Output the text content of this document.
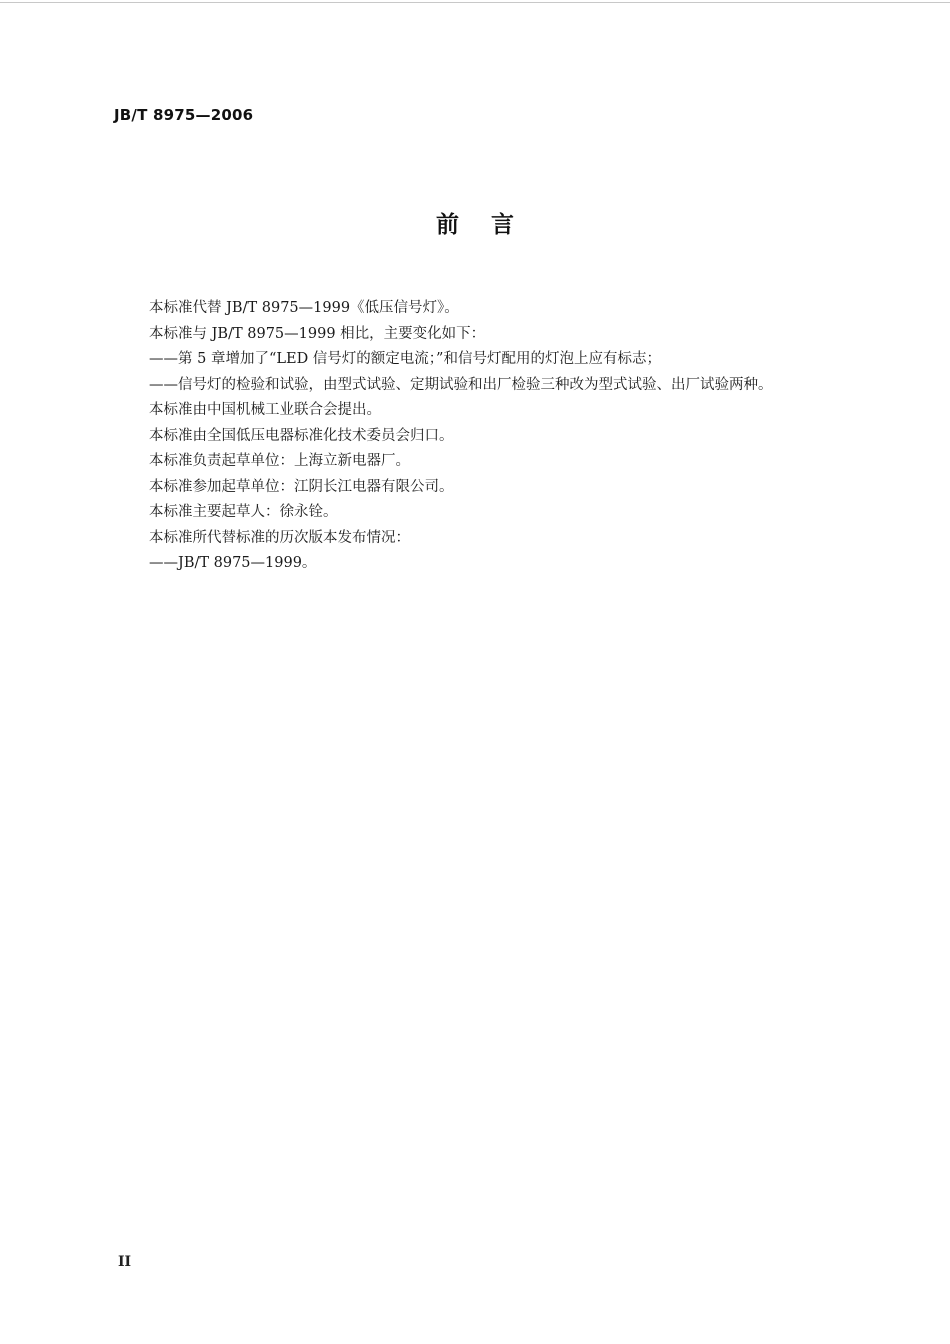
JB/T 8975—2006
前    言
本标准代替 JB/T 8975—1999《低压信号灯》。
本标准与 JB/T 8975—1999 相比，主要变化如下：
——第 5 章增加了“LED 信号灯的额定电流；”和信号灯配用的灯泡上应有标志；
——信号灯的检验和试验，由型式试验、定期试验和出厂检验三种改为型式试验、出厂试验两种。
本标准由中国机械工业联合会提出。
本标准由全国低压电器标准化技术委员会归口。
本标准负责起草单位：上海立新电器厂。
本标准参加起草单位：江阴长江电器有限公司。
本标准主要起草人：徐永铨。
本标准所代替标准的历次版本发布情况：
——JB/T 8975—1999。
II
